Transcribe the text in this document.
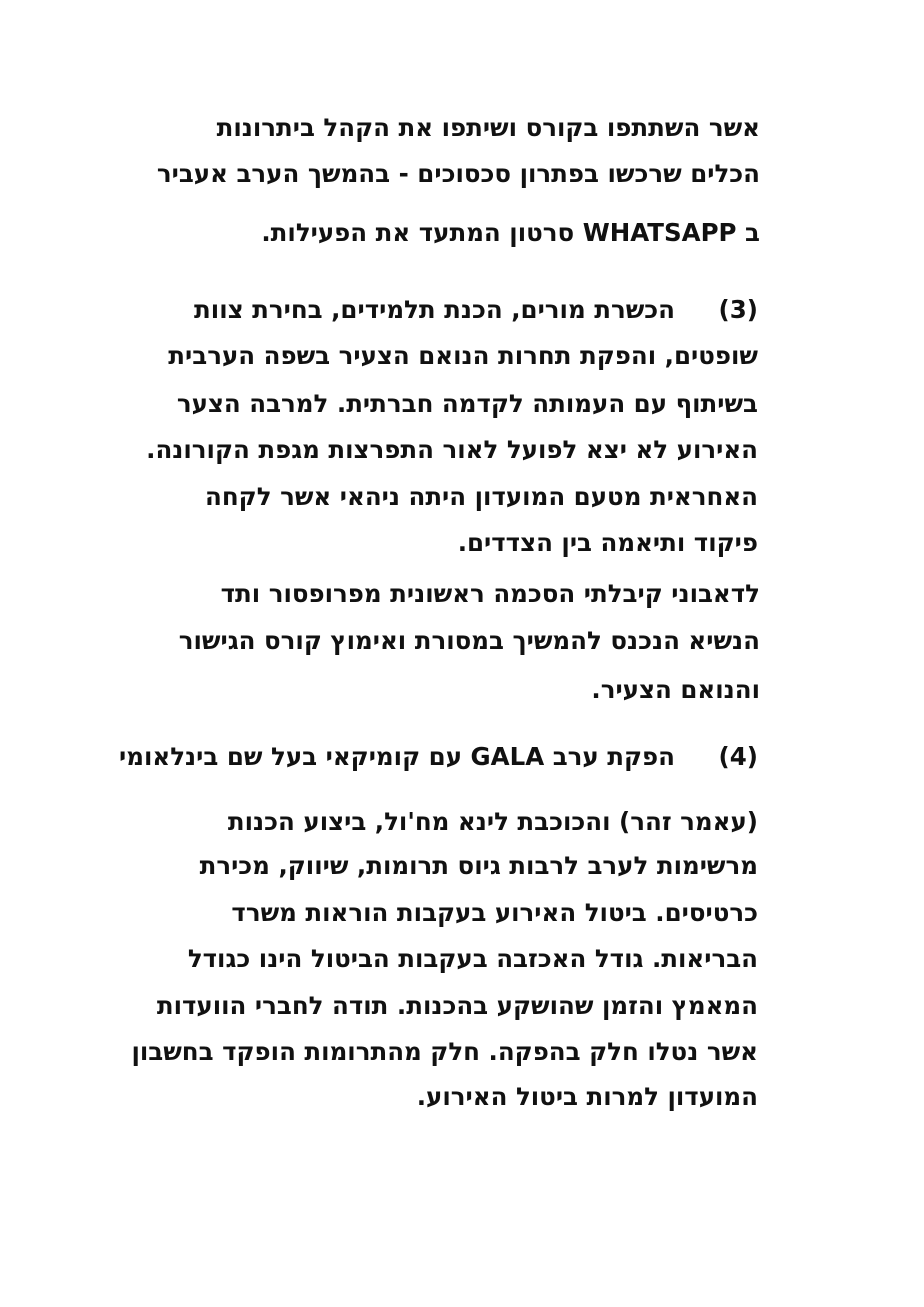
אשר השתתפו בקורס ושיתפו את הקהל ביתרונות
הכלים שרכשו בפתרון סכסוכים - בהמשך הערב אעביר
ב WHATSAPP סרטון המתעד את הפעילות.
(3)
הכשרת מורים, הכנת תלמידים, בחירת צוות
שופטים, והפקת תחרות הנואם הצעיר בשפה הערבית
בשיתוף עם העמותה לקדמה חברתית. למרבה הצער
האירוע לא יצא לפועל לאור התפרצות מגפת הקורונה.
האחראית מטעם המועדון היתה ניהאי אשר לקחה
פיקוד ותיאמה בין הצדדים.
לדאבוני קיבלתי הסכמה ראשונית מפרופסור ותד
הנשיא הנכנס להמשיך במסורת ואימוץ קורס הגישור
והנואם הצעיר.
(4)
הפקת ערב GALA עם קומיקאי בעל שם בינלאומי
(עאמר זהר) והכוכבת לינא מח'ול, ביצוע הכנות
מרשימות לערב לרבות גיוס תרומות, שיווק, מכירת
כרטיסים. ביטול האירוע בעקבות הוראות משרד
הבריאות. גודל האכזבה בעקבות הביטול הינו כגודל
המאמץ והזמן שהושקע בהכנות. תודה לחברי הוועדות
אשר נטלו חלק בהפקה. חלק מהתרומות הופקד בחשבון
המועדון למרות ביטול האירוע.
